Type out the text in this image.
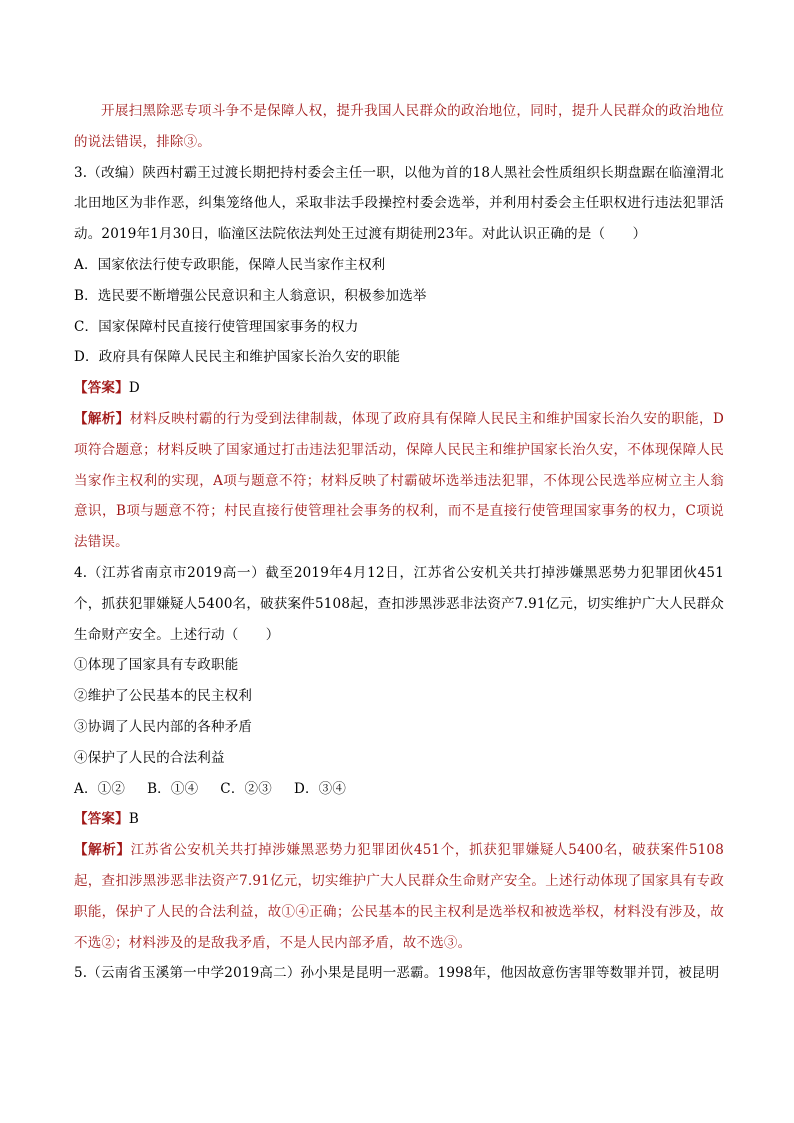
开展扫黑除恶专项斗争不是保障人权，提升我国人民群众的政治地位，同时，提升人民群众的政治地位的说法错误，排除③。

3.（改编）陕西村霸王过渡长期把持村委会主任一职，以他为首的18人黑社会性质组织长期盘踞在临潼渭北北田地区为非作恶，纠集笼络他人，采取非法手段操控村委会选举，并利用村委会主任职权进行违法犯罪活动。2019年1月30日，临潼区法院依法判处王过渡有期徒刑23年。对此认识正确的是（　　）

A．国家依法行使专政职能，保障人民当家作主权利

B．选民要不断增强公民意识和主人翁意识，积极参加选举

C．国家保障村民直接行使管理国家事务的权力

D．政府具有保障人民民主和维护国家长治久安的职能

【答案】D

【解析】材料反映村霸的行为受到法律制裁，体现了政府具有保障人民民主和维护国家长治久安的职能，D项符合题意；材料反映了国家通过打击违法犯罪活动，保障人民民主和维护国家长治久安，不体现保障人民当家作主权利的实现，A项与题意不符；材料反映了村霸破坏选举违法犯罪，不体现公民选举应树立主人翁意识，B项与题意不符；村民直接行使管理社会事务的权利，而不是直接行使管理国家事务的权力，C项说法错误。

4.（江苏省南京市2019高一）截至2019年4月12日，江苏省公安机关共打掉涉嫌黑恶势力犯罪团伙451个，抓获犯罪嫌疑人5400名，破获案件5108起，查扣涉黑涉恶非法资产7.91亿元，切实维护广大人民群众生命财产安全。上述行动（　　）

①体现了国家具有专政职能

②维护了公民基本的民主权利

③协调了人民内部的各种矛盾

④保护了人民的合法利益

A．①② B．①④ C．②③ D．③④

【答案】B

【解析】江苏省公安机关共打掉涉嫌黑恶势力犯罪团伙451个，抓获犯罪嫌疑人5400名，破获案件5108起，查扣涉黑涉恶非法资产7.91亿元，切实维护广大人民群众生命财产安全。上述行动体现了国家具有专政职能，保护了人民的合法利益，故①④正确；公民基本的民主权利是选举权和被选举权，材料没有涉及，故不选②；材料涉及的是敌我矛盾，不是人民内部矛盾，故不选③。

5.（云南省玉溪第一中学2019高二）孙小果是昆明一恶霸。1998年，他因故意伤害罪等数罪并罚，被昆明
